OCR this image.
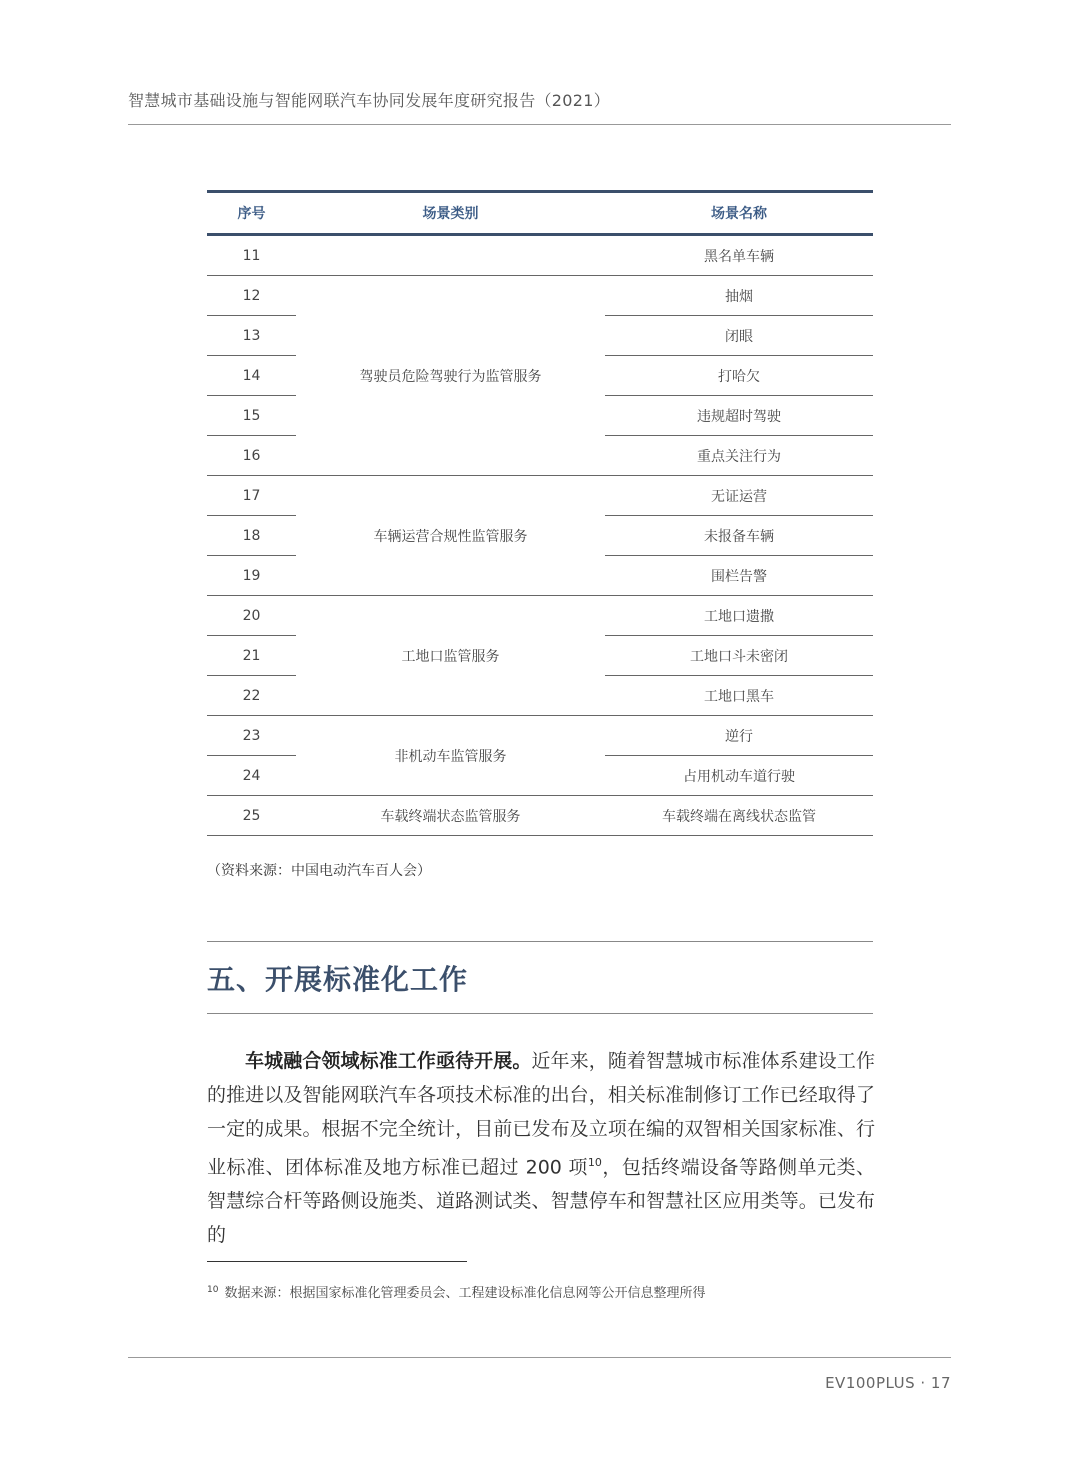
智慧城市基础设施与智能网联汽车协同发展年度研究报告（2021）
序号	场景类别	场景名称
11		黑名单车辆
12	驾驶员危险驾驶行为监管服务	抽烟
13		闭眼
14		打哈欠
15		违规超时驾驶
16		重点关注行为
17	车辆运营合规性监管服务	无证运营
18		未报备车辆
19		围栏告警
20	工地口监管服务	工地口遗撒
21		工地口斗未密闭
22		工地口黑车
23	非机动车监管服务	逆行
24		占用机动车道行驶
25	车载终端状态监管服务	车载终端在离线状态监管
（资料来源：中国电动汽车百人会）
五、开展标准化工作
  车城融合领域标准工作亟待开展。近年来，随着智慧城市标准体系建设工作的推进以及智能网联汽车各项技术标准的出台，相关标准制修订工作已经取得了一定的成果。根据不完全统计，目前已发布及立项在编的双智相关国家标准、行业标准、团体标准及地方标准已超过 200 项$^{10}$，包括终端设备等路侧单元类、智慧综合杆等路侧设施类、道路测试类、智慧停车和智慧社区应用类等。已发布的
$^{10}$ 数据来源：根据国家标准化管理委员会、工程建设标准化信息网等公开信息整理所得
EV100PLUS · 17
